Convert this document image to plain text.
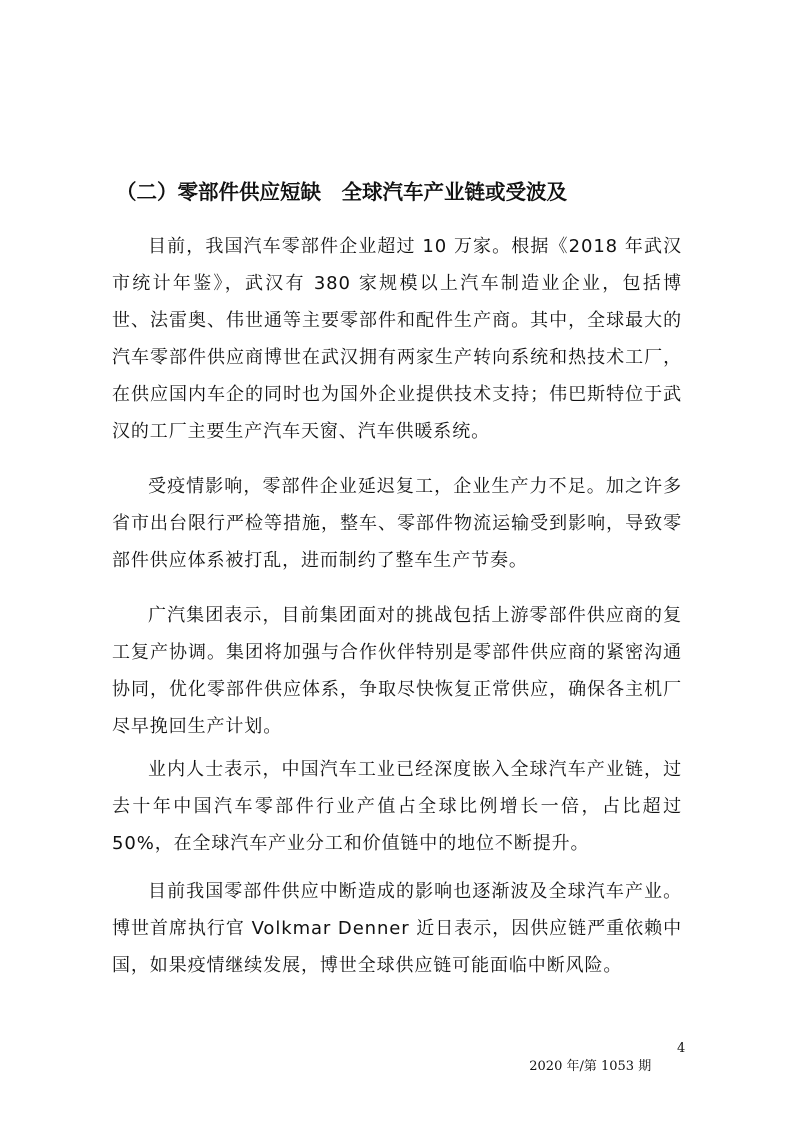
（二）零部件供应短缺　全球汽车产业链或受波及

目前，我国汽车零部件企业超过 10 万家。根据《2018 年武汉市统计年鉴》，武汉有 380 家规模以上汽车制造业企业，包括博世、法雷奥、伟世通等主要零部件和配件生产商。其中，全球最大的汽车零部件供应商博世在武汉拥有两家生产转向系统和热技术工厂，在供应国内车企的同时也为国外企业提供技术支持；伟巴斯特位于武汉的工厂主要生产汽车天窗、汽车供暖系统。

受疫情影响，零部件企业延迟复工，企业生产力不足。加之许多省市出台限行严检等措施，整车、零部件物流运输受到影响，导致零部件供应体系被打乱，进而制约了整车生产节奏。

广汽集团表示，目前集团面对的挑战包括上游零部件供应商的复工复产协调。集团将加强与合作伙伴特别是零部件供应商的紧密沟通协同，优化零部件供应体系，争取尽快恢复正常供应，确保各主机厂尽早挽回生产计划。

业内人士表示，中国汽车工业已经深度嵌入全球汽车产业链，过去十年中国汽车零部件行业产值占全球比例增长一倍，占比超过 50%，在全球汽车产业分工和价值链中的地位不断提升。

目前我国零部件供应中断造成的影响也逐渐波及全球汽车产业。博世首席执行官 Volkmar Denner 近日表示，因供应链严重依赖中国，如果疫情继续发展，博世全球供应链可能面临中断风险。

2020 年/第 1053 期

4
